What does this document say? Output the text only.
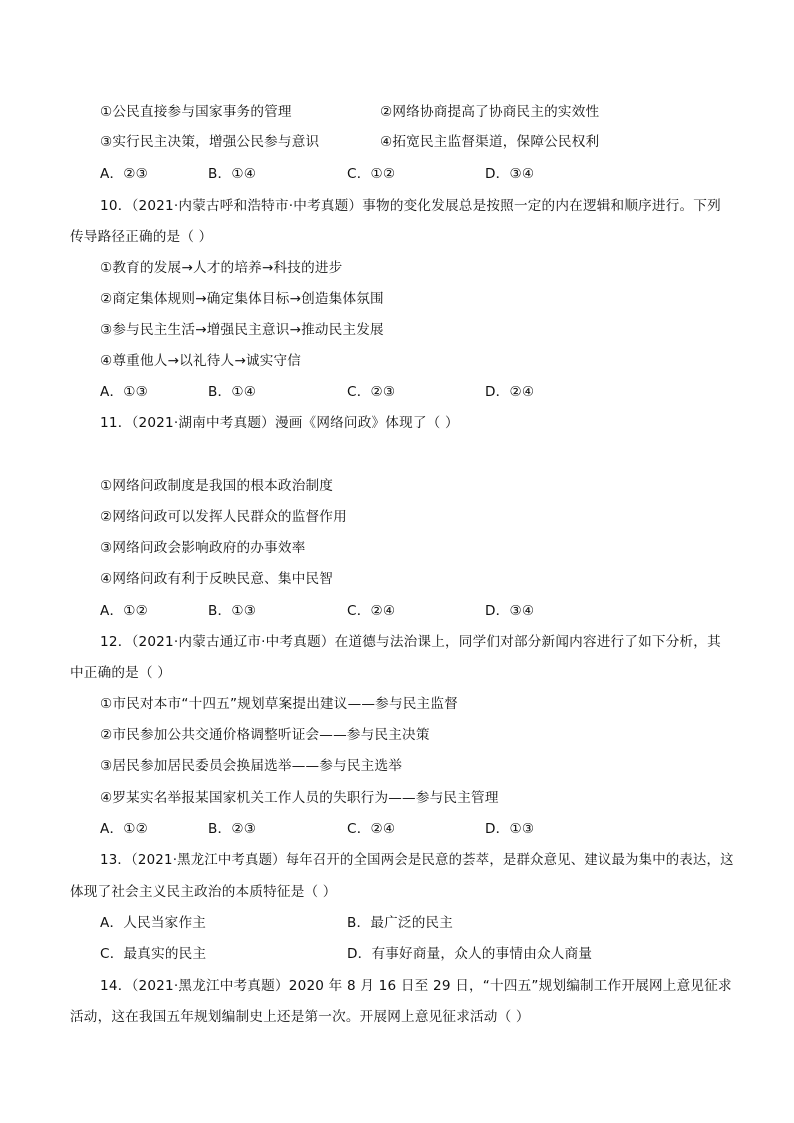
①公民直接参与国家事务的管理	②网络协商提高了协商民主的实效性
③实行民主决策，增强公民参与意识	④拓宽民主监督渠道，保障公民权利
A．②③	B．①④	C．①②	D．③④
10．（2021·内蒙古呼和浩特市·中考真题）事物的变化发展总是按照一定的内在逻辑和顺序进行。下列
传导路径正确的是（ ）
①教育的发展→人才的培养→科技的进步
②商定集体规则→确定集体目标→创造集体氛围
③参与民主生活→增强民主意识→推动民主发展
④尊重他人→以礼待人→诚实守信
A．①③	B．①④	C．②③	D．②④
11．（2021·湖南中考真题）漫画《网络问政》体现了（ ）
①网络问政制度是我国的根本政治制度
②网络问政可以发挥人民群众的监督作用
③网络问政会影响政府的办事效率
④网络问政有利于反映民意、集中民智
A．①②	B．①③	C．②④	D．③④
12．（2021·内蒙古通辽市·中考真题）在道德与法治课上，同学们对部分新闻内容进行了如下分析，其
中正确的是（ ）
①市民对本市“十四五”规划草案提出建议——参与民主监督
②市民参加公共交通价格调整听证会——参与民主决策
③居民参加居民委员会换届选举——参与民主选举
④罗某实名举报某国家机关工作人员的失职行为——参与民主管理
A．①②	B．②③	C．②④	D．①③
13．（2021·黑龙江中考真题）每年召开的全国两会是民意的荟萃，是群众意见、建议最为集中的表达，这
体现了社会主义民主政治的本质特征是（ ）
A．人民当家作主	B．最广泛的民主
C．最真实的民主	D．有事好商量，众人的事情由众人商量
14．（2021·黑龙江中考真题）2020 年 8 月 16 日至 29 日，“十四五”规划编制工作开展网上意见征求
活动，这在我国五年规划编制史上还是第一次。开展网上意见征求活动（ ）
